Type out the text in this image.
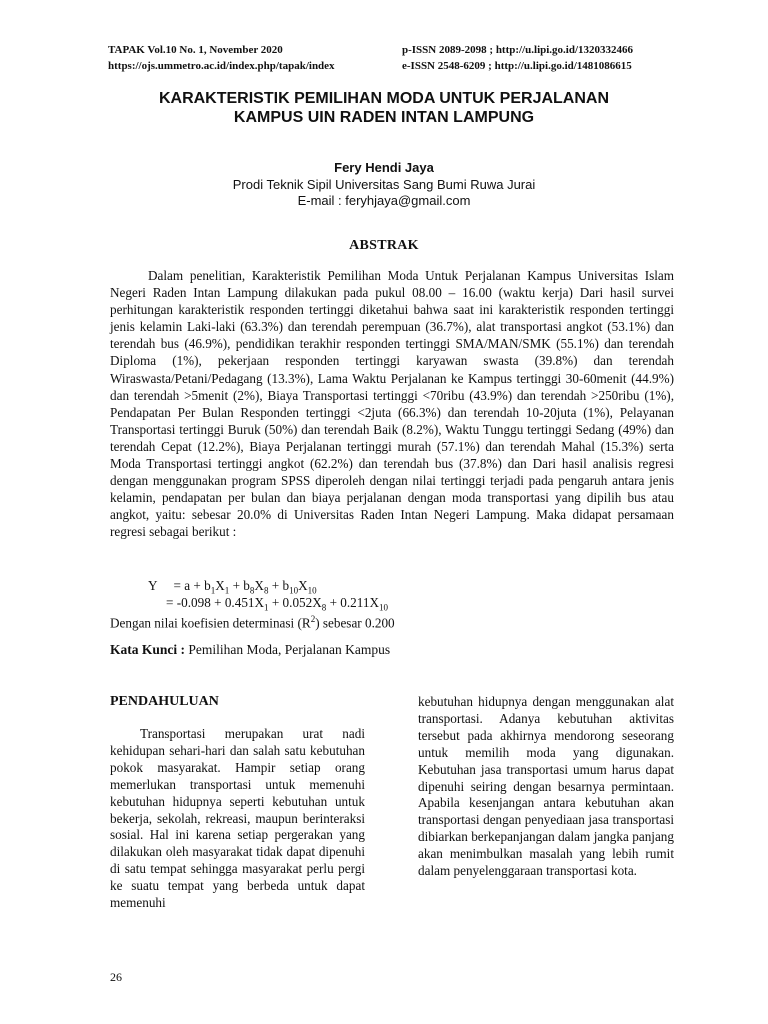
TAPAK Vol.10 No. 1, November 2020
https://ojs.ummetro.ac.id/index.php/tapak/index
p-ISSN 2089-2098 ; http://u.lipi.go.id/1320332466
e-ISSN 2548-6209 ; http://u.lipi.go.id/1481086615
KARAKTERISTIK PEMILIHAN MODA UNTUK PERJALANAN
KAMPUS UIN RADEN INTAN LAMPUNG
Fery Hendi Jaya
Prodi Teknik Sipil Universitas Sang Bumi Ruwa Jurai
E-mail : feryhjaya@gmail.com
ABSTRAK

Dalam penelitian, Karakteristik Pemilihan Moda Untuk Perjalanan Kampus Universitas Islam Negeri Raden Intan Lampung dilakukan pada pukul 08.00 – 16.00 (waktu kerja) Dari hasil survei perhitungan karakteristik responden tertinggi diketahui bahwa saat ini karakteristik responden tertinggi jenis kelamin Laki-laki (63.3%) dan terendah perempuan (36.7%), alat transportasi angkot (53.1%) dan terendah bus (46.9%), pendidikan terakhir responden tertinggi SMA/MAN/SMK (55.1%) dan terendah Diploma (1%), pekerjaan responden tertinggi karyawan swasta (39.8%) dan terendah Wiraswasta/Petani/Pedagang (13.3%), Lama Waktu Perjalanan ke Kampus tertinggi 30-60menit (44.9%) dan terendah >5menit (2%), Biaya Transportasi tertinggi <70ribu (43.9%) dan terendah >250ribu (1%), Pendapatan Per Bulan Responden tertinggi <2juta (66.3%) dan terendah 10-20juta (1%), Pelayanan Transportasi tertinggi Buruk (50%) dan terendah Baik (8.2%), Waktu Tunggu tertinggi Sedang (49%) dan terendah Cepat (12.2%), Biaya Perjalanan tertinggi murah (57.1%) dan terendah Mahal (15.3%) serta Moda Transportasi tertinggi angkot (62.2%) dan terendah bus (37.8%) dan Dari hasil analisis regresi dengan menggunakan program SPSS diperoleh dengan nilai tertinggi terjadi pada pengaruh antara jenis kelamin, pendapatan per bulan dan biaya perjalanan dengan moda transportasi yang dipilih bus atau angkot, yaitu: sebesar 20.0% di Universitas Raden Intan Negeri Lampung. Maka didapat persamaan regresi sebagai berikut :

$Y = a + b_1X_1 + b_8X_8 + b_{10}X_{10}$
= $-0.098 + 0.451X_1 + 0.052X_8 + 0.211X_{10}$
Dengan nilai koefisien determinasi $(R^2)$ sebesar 0.200
Kata Kunci : Pemilihan Moda, Perjalanan Kampus
PENDAHULUAN

Transportasi merupakan urat nadi kehidupan sehari-hari dan salah satu kebutuhan pokok masyarakat. Hampir setiap orang memerlukan transportasi untuk memenuhi kebutuhan hidupnya seperti kebutuhan untuk bekerja, sekolah, rekreasi, maupun berinteraksi sosial. Hal ini karena setiap pergerakan yang dilakukan oleh masyarakat tidak dapat dipenuhi di satu tempat sehingga masyarakat perlu pergi ke suatu tempat yang berbeda untuk dapat memenuhi

kebutuhan hidupnya dengan menggunakan alat transportasi. Adanya kebutuhan aktivitas tersebut pada akhirnya mendorong seseorang untuk memilih moda yang digunakan. Kebutuhan jasa transportasi umum harus dapat dipenuhi seiring dengan besarnya permintaan. Apabila kesenjangan antara kebutuhan akan transportasi dengan penyediaan jasa transportasi dibiarkan berkepanjangan dalam jangka panjang akan menimbulkan masalah yang lebih rumit dalam penyelenggaraan transportasi kota.

26
